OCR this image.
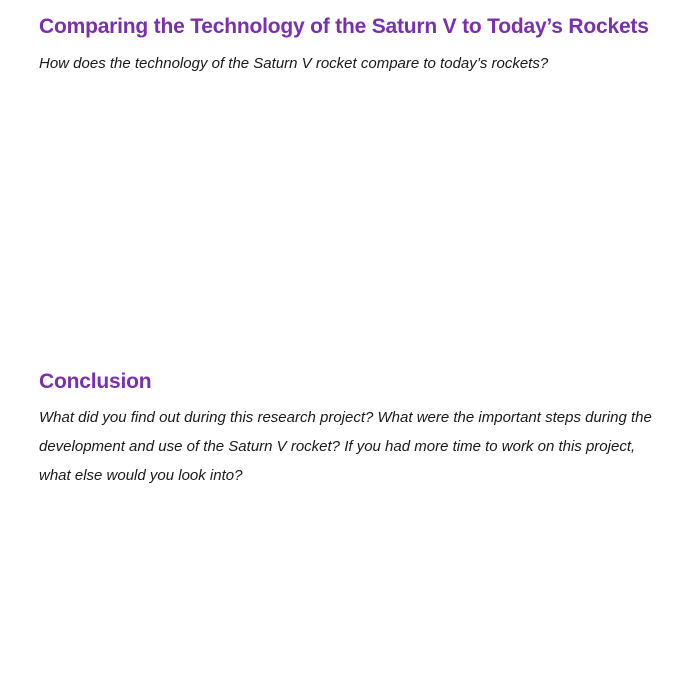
Comparing the Technology of the Saturn V to Today’s Rockets

How does the technology of the Saturn V rocket compare to today’s rockets?

Conclusion

What did you find out during this research project? What were the important steps during the development and use of the Saturn V rocket? If you had more time to work on this project, what else would you look into?
